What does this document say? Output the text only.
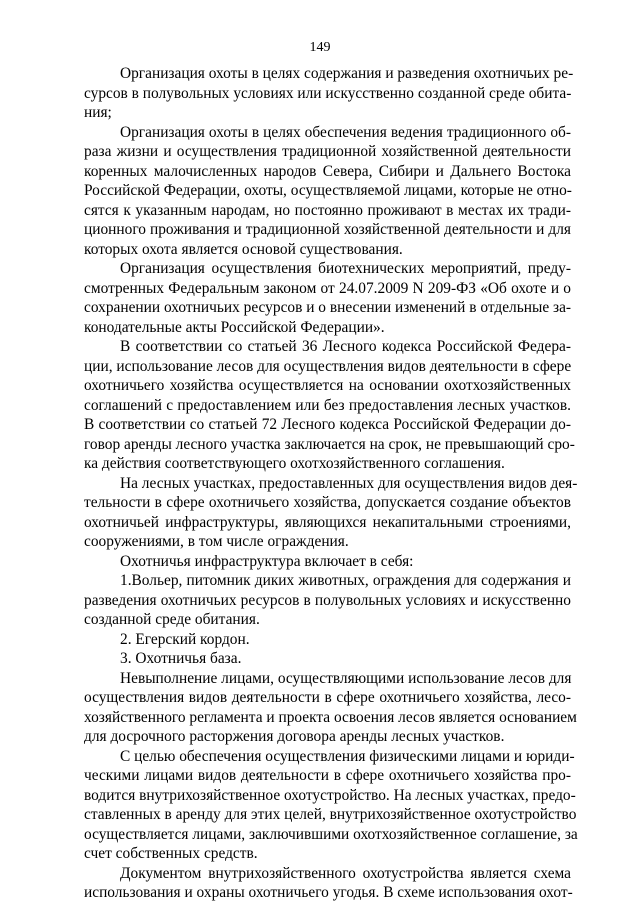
149
Организация охоты в целях содержания и разведения охотничьих ре-
сурсов в полувольных условиях или искусственно созданной среде обита-
ния;
Организация охоты в целях обеспечения ведения традиционного об-
раза жизни и осуществления традиционной хозяйственной деятельности
коренных малочисленных народов Севера, Сибири и Дальнего Востока
Российской Федерации, охоты, осуществляемой лицами, которые не отно-
сятся к указанным народам, но постоянно проживают в местах их тради-
ционного проживания и традиционной хозяйственной деятельности и для
которых охота является основой существования.
Организация осуществления биотехнических мероприятий, преду-
смотренных Федеральным законом от 24.07.2009 N 209-ФЗ «Об охоте и о
сохранении охотничьих ресурсов и о внесении изменений в отдельные за-
конодательные акты Российской Федерации».
В соответствии со статьей 36 Лесного кодекса Российской Федера-
ции, использование лесов для осуществления видов деятельности в сфере
охотничьего хозяйства осуществляется на основании охотхозяйственных
соглашений с предоставлением или без предоставления лесных участков.
В соответствии со статьей 72 Лесного кодекса Российской Федерации до-
говор аренды лесного участка заключается на срок, не превышающий сро-
ка действия соответствующего охотхозяйственного соглашения.
На лесных участках, предоставленных для осуществления видов дея-
тельности в сфере охотничьего хозяйства, допускается создание объектов
охотничьей инфраструктуры, являющихся некапитальными строениями,
сооружениями, в том числе ограждения.
Охотничья инфраструктура включает в себя:
1.Вольер, питомник диких животных, ограждения для содержания и
разведения охотничьих ресурсов в полувольных условиях и искусственно
созданной среде обитания.
2. Егерский кордон.
3. Охотничья база.
Невыполнение лицами, осуществляющими использование лесов для
осуществления видов деятельности в сфере охотничьего хозяйства, лесо-
хозяйственного регламента и проекта освоения лесов является основанием
для досрочного расторжения договора аренды лесных участков.
С целью обеспечения осуществления физическими лицами и юриди-
ческими лицами видов деятельности в сфере охотничьего хозяйства про-
водится внутрихозяйственное охотустройство. На лесных участках, предо-
ставленных в аренду для этих целей, внутрихозяйственное охотустройство
осуществляется лицами, заключившими охотхозяйственное соглашение, за
счет собственных средств.
Документом внутрихозяйственного охотустройства является схема
использования и охраны охотничьего угодья. В схеме использования охот-
